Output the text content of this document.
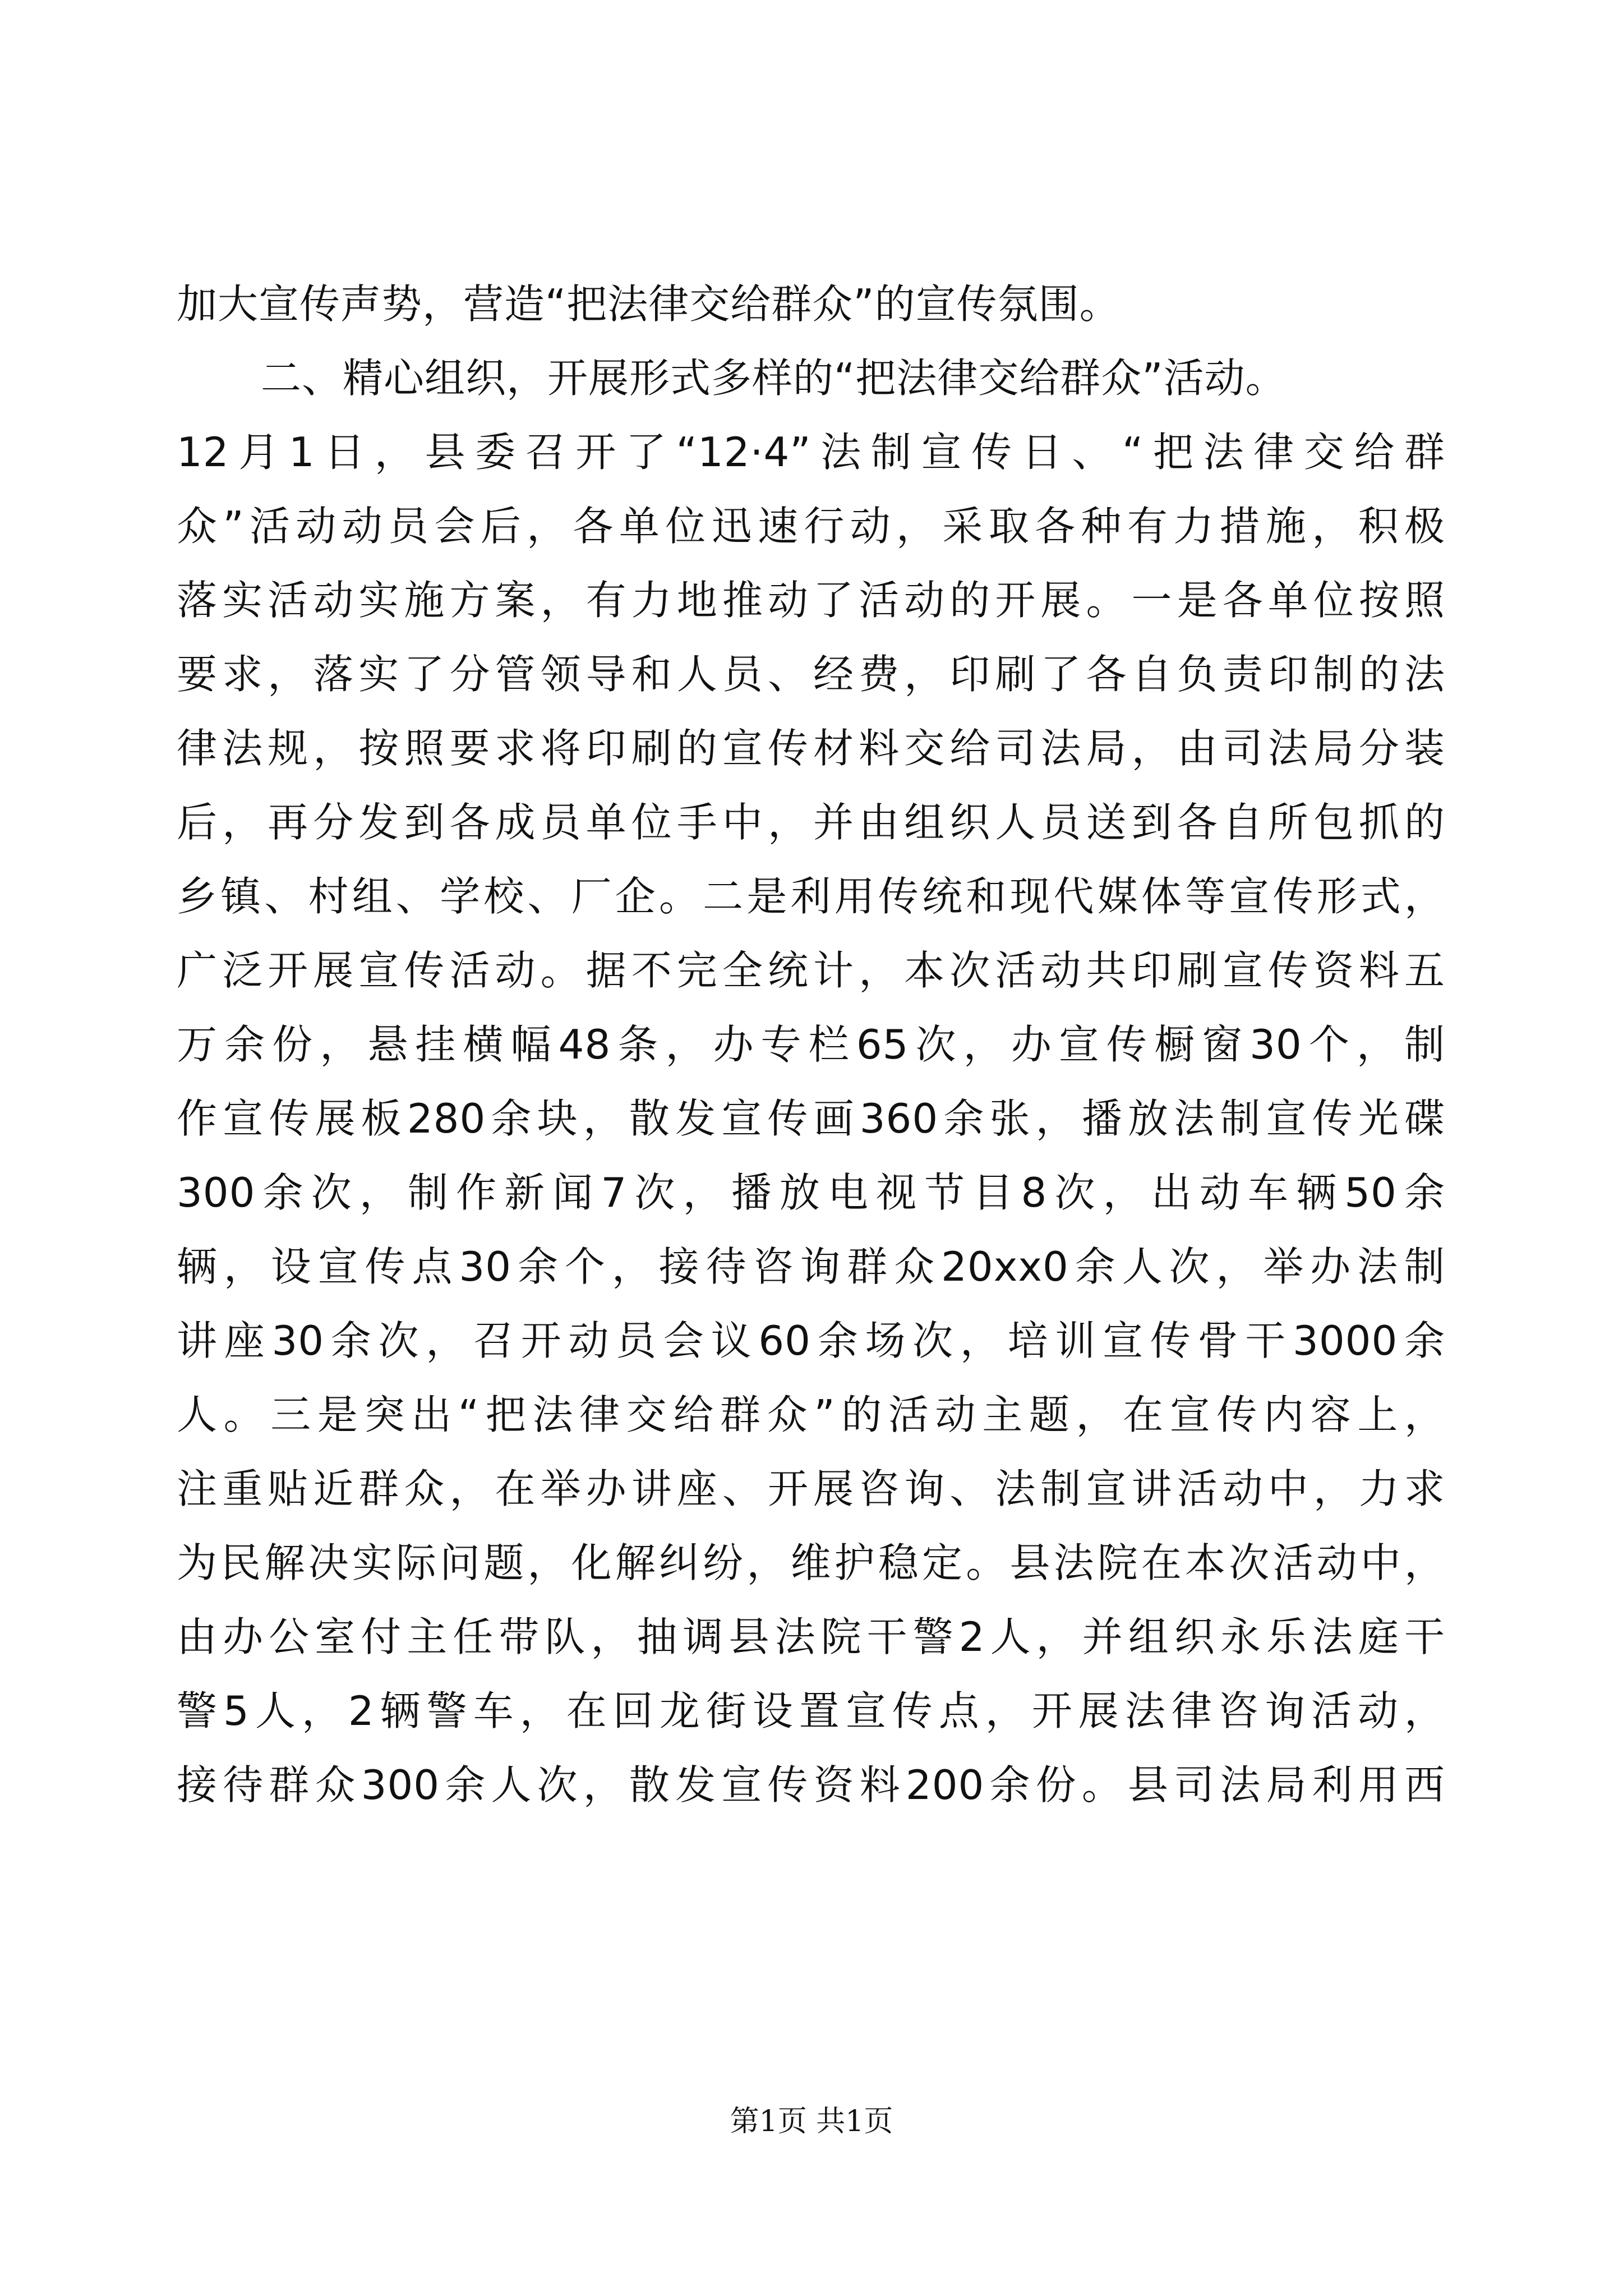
加大宣传声势，营造“把法律交给群众”的宣传氛围。

二、精心组织，开展形式多样的“把法律交给群众”活动。

12月1日，县委召开了“12·4”法制宣传日、“把法律交给群

众”活动动员会后，各单位迅速行动，采取各种有力措施，积极

落实活动实施方案，有力地推动了活动的开展。一是各单位按照

要求，落实了分管领导和人员、经费，印刷了各自负责印制的法

律法规，按照要求将印刷的宣传材料交给司法局，由司法局分装

后，再分发到各成员单位手中，并由组织人员送到各自所包抓的

乡镇、村组、学校、厂企。二是利用传统和现代媒体等宣传形式，

广泛开展宣传活动。据不完全统计，本次活动共印刷宣传资料五

万余份，悬挂横幅48条，办专栏65次，办宣传橱窗30个，制

作宣传展板280余块，散发宣传画360余张，播放法制宣传光碟

300余次，制作新闻7次，播放电视节目8次，出动车辆50余

辆，设宣传点30余个，接待咨询群众20xx0余人次，举办法制

讲座30余次，召开动员会议60余场次，培训宣传骨干3000余

人。三是突出“把法律交给群众”的活动主题，在宣传内容上，

注重贴近群众，在举办讲座、开展咨询、法制宣讲活动中，力求

为民解决实际问题，化解纠纷，维护稳定。县法院在本次活动中，

由办公室付主任带队，抽调县法院干警2人，并组织永乐法庭干

警5人，2辆警车，在回龙街设置宣传点，开展法律咨询活动，

接待群众300余人次，散发宣传资料200余份。县司法局利用西

第1页 共1页
